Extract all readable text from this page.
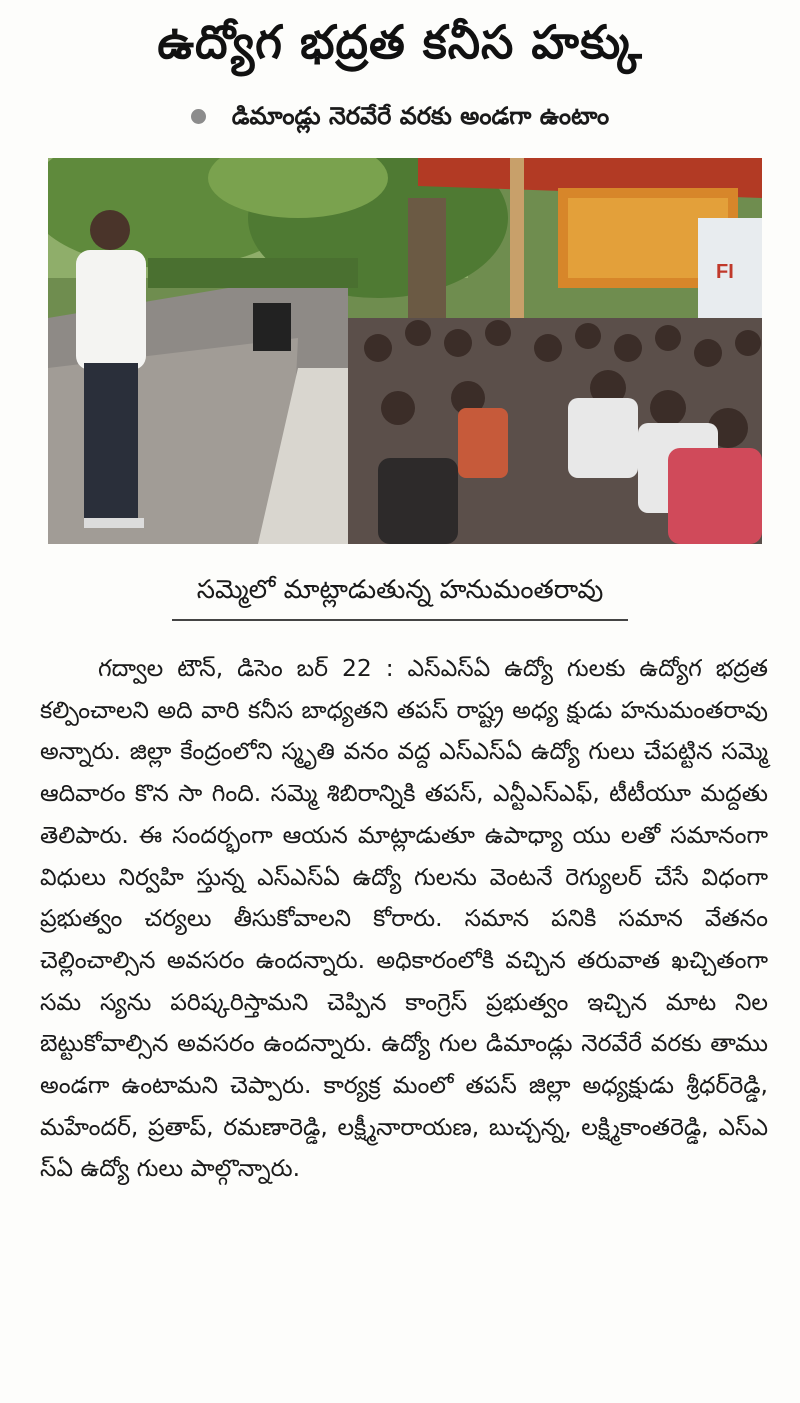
ఉద్యోగ భద్రత కనీస హక్కు
డిమాండ్లు నెరవేరే వరకు అండగా ఉంటాం
FI
సమ్మెలో మాట్లాడుతున్న హనుమంతరావు

గద్వాల టౌన్, డిసెం బర్ 22 : ఎస్ఎస్ఏ ఉద్యో గులకు ఉద్యోగ భద్రత కల్పించాలని అది వారి కనీస బాధ్యతని తపస్ రాష్ట్ర అధ్య క్షుడు హనుమంతరావు అన్నారు. జిల్లా కేంద్రంలోని స్మృతి వనం వద్ద ఎస్ఎస్ఏ ఉద్యో గులు చేపట్టిన సమ్మె ఆదివారం కొన సా గింది. సమ్మె శిబిరాన్నికి తపస్, ఎన్టీఎస్ఎఫ్, టీటీయూ మద్దతు తెలిపారు. ఈ సందర్భంగా ఆయన మాట్లాడుతూ ఉపాధ్యా యు లతో సమానంగా విధులు నిర్వహి స్తున్న ఎస్ఎస్ఏ ఉద్యో గులను వెంటనే రెగ్యులర్ చేసే విధంగా ప్రభుత్వం చర్యలు తీసుకోవాలని కోరారు. సమాన పనికి సమాన వేతనం చెల్లించాల్సిన అవసరం ఉందన్నారు. అధికారంలోకి వచ్చిన తరువాత ఖచ్చితంగా సమ స్యను పరిష్కరిస్తామని చెప్పిన కాంగ్రెస్ ప్రభుత్వం ఇచ్చిన మాట నిల బెట్టుకోవాల్సిన అవసరం ఉందన్నారు. ఉద్యో గుల డిమాండ్లు నెరవేరే వరకు తాము అండగా ఉంటామని చెప్పారు. కార్యక్ర మంలో తపస్ జిల్లా అధ్యక్షుడు శ్రీధర్‌రెడ్డి, మహేందర్, ప్రతాప్, రమణారెడ్డి, లక్ష్మీనారాయణ, బుచ్చన్న, లక్ష్మికాంతరెడ్డి, ఎస్ఎ స్ఏ ఉద్యో గులు పాల్గొన్నారు.
